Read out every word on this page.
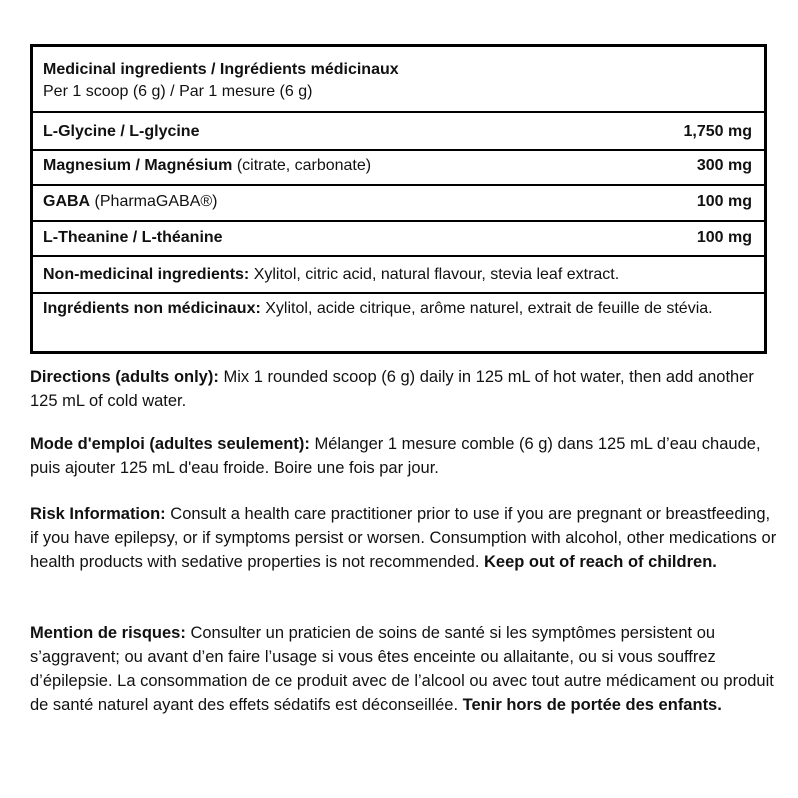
Medicinal ingredients / Ingrédients médicinaux
Per 1 scoop (6 g) / Par 1 mesure (6 g)
L-Glycine / L-glycine	1,750 mg
Magnesium / Magnésium (citrate, carbonate)	300 mg
GABA (PharmaGABA®)	100 mg
L-Theanine / L-théanine	100 mg
Non-medicinal ingredients: Xylitol, citric acid, natural flavour, stevia leaf extract.
Ingrédients non médicinaux: Xylitol, acide citrique, arôme naturel, extrait de feuille de stévia.
Directions (adults only): Mix 1 rounded scoop (6 g) daily in 125 mL of hot water, then add another 125 mL of cold water.
Mode d'emploi (adultes seulement): Mélanger 1 mesure comble (6 g) dans 125 mL d’eau chaude, puis ajouter 125 mL d'eau froide. Boire une fois par jour.
Risk Information: Consult a health care practitioner prior to use if you are pregnant or breastfeeding, if you have epilepsy, or if symptoms persist or worsen. Consumption with alcohol, other medications or health products with sedative properties is not recommended. Keep out of reach of children.
Mention de risques: Consulter un praticien de soins de santé si les symptômes persistent ou s’aggravent; ou avant d’en faire l’usage si vous êtes enceinte ou allaitante, ou si vous souffrez d’épilepsie. La consommation de ce produit avec de l’alcool ou avec tout autre médicament ou produit de santé naturel ayant des effets sédatifs est déconseillée. Tenir hors de portée des enfants.
